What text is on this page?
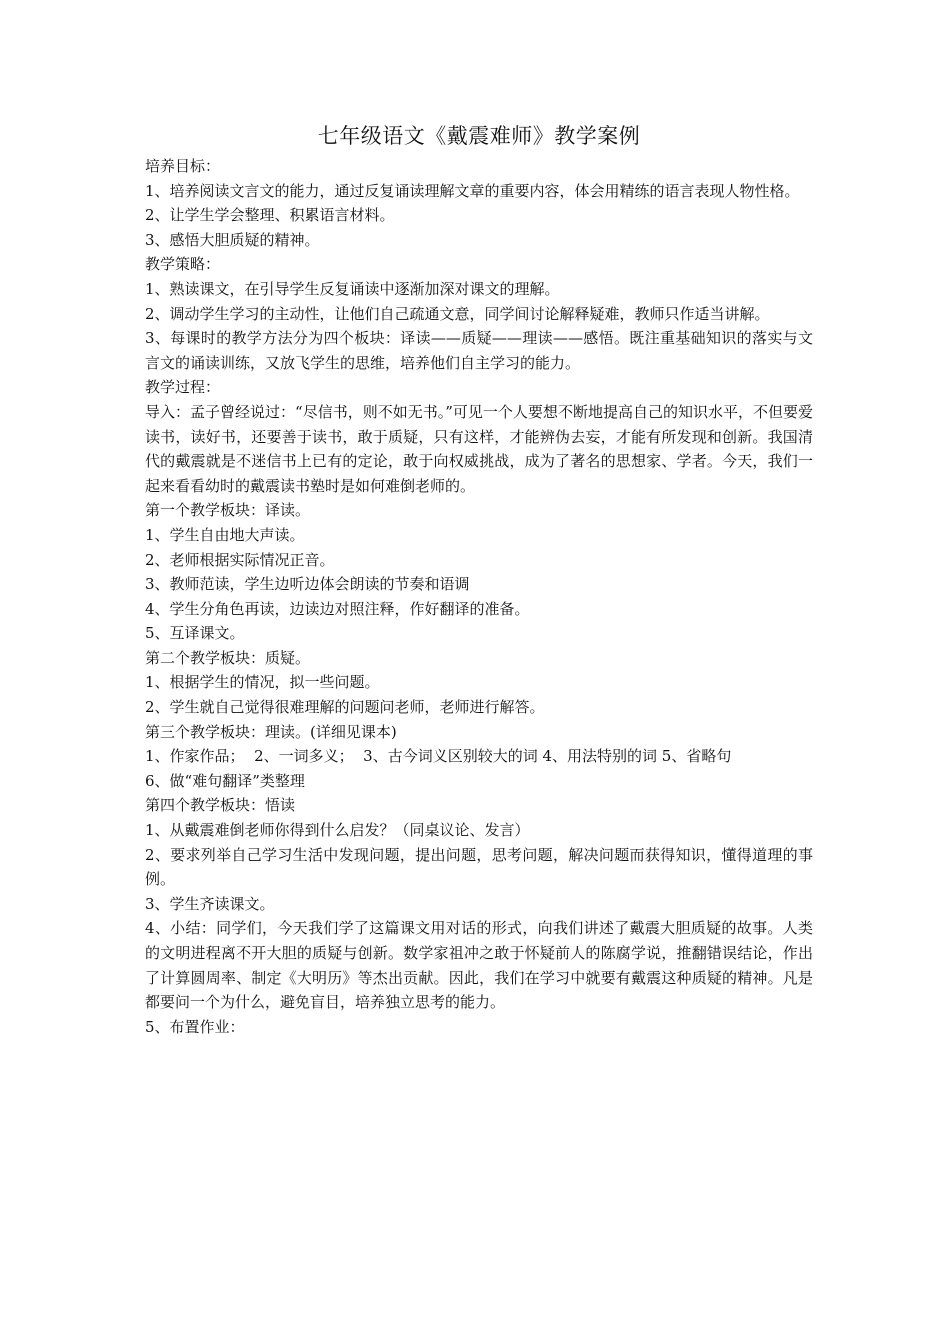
七年级语文《戴震难师》教学案例

培养目标：

1、培养阅读文言文的能力，通过反复诵读理解文章的重要内容，体会用精练的语言表现人物性格。

2、让学生学会整理、积累语言材料。

3、感悟大胆质疑的精神。

教学策略：

1、熟读课文，在引导学生反复诵读中逐渐加深对课文的理解。

2、调动学生学习的主动性，让他们自己疏通文意，同学间讨论解释疑难，教师只作适当讲解。

3、每课时的教学方法分为四个板块：译读——质疑——理读——感悟。既注重基础知识的落实与文言文的诵读训练，又放飞学生的思维，培养他们自主学习的能力。

教学过程：

导入：孟子曾经说过：“尽信书，则不如无书。”可见一个人要想不断地提高自己的知识水平，不但要爱读书，读好书，还要善于读书，敢于质疑，只有这样，才能辨伪去妄，才能有所发现和创新。我国清代的戴震就是不迷信书上已有的定论，敢于向权威挑战，成为了著名的思想家、学者。今天，我们一起来看看幼时的戴震读书塾时是如何难倒老师的。

第一个教学板块：译读。

1、学生自由地大声读。

2、老师根据实际情况正音。

3、教师范读，学生边听边体会朗读的节奏和语调

4、学生分角色再读，边读边对照注释，作好翻译的准备。

5、互译课文。

第二个教学板块：质疑。

1、根据学生的情况，拟一些问题。

2、学生就自己觉得很难理解的问题问老师，老师进行解答。

第三个教学板块：理读。(详细见课本)

1、作家作品；  2、一词多义；  3、古今词义区别较大的词 4、用法特别的词 5、省略句

6、做“难句翻译”类整理

第四个教学板块：悟读

1、从戴震难倒老师你得到什么启发？（同桌议论、发言）

2、要求列举自己学习生活中发现问题，提出问题，思考问题，解决问题而获得知识，懂得道理的事例。

3、学生齐读课文。

4、小结：同学们，今天我们学了这篇课文用对话的形式，向我们讲述了戴震大胆质疑的故事。人类的文明进程离不开大胆的质疑与创新。数学家祖冲之敢于怀疑前人的陈腐学说，推翻错误结论，作出了计算圆周率、制定《大明历》等杰出贡献。因此，我们在学习中就要有戴震这种质疑的精神。凡是都要问一个为什么，避免盲目，培养独立思考的能力。

5、布置作业：
